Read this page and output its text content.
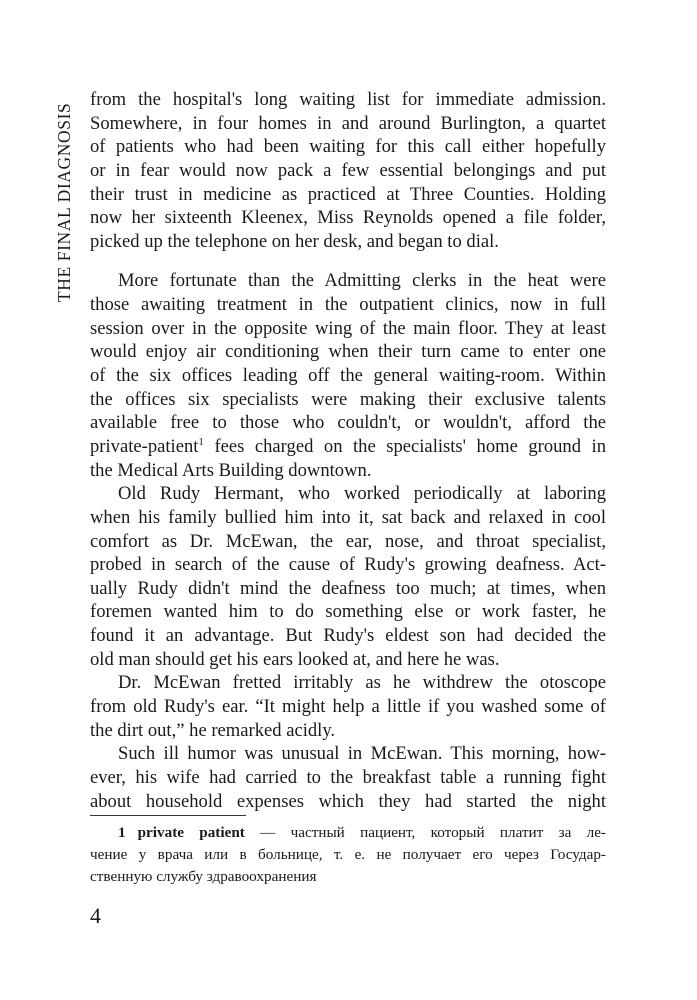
THE FINAL DIAGNOSIS
from the hospital's long waiting list for immediate admission.
Somewhere, in four homes in and around Burlington, a quartet
of patients who had been waiting for this call either hopefully
or in fear would now pack a few essential belongings and put
their trust in medicine as practiced at Three Counties. Holding
now her sixteenth Kleenex, Miss Reynolds opened a file folder,
picked up the telephone on her desk, and began to dial.
More fortunate than the Admitting clerks in the heat were
those awaiting treatment in the outpatient clinics, now in full
session over in the opposite wing of the main floor. They at least
would enjoy air conditioning when their turn came to enter one
of the six offices leading off the general waiting-room. Within
the offices six specialists were making their exclusive talents
available free to those who couldn't, or wouldn't, afford the
private-patient$^1$ fees charged on the specialists' home ground in
the Medical Arts Building downtown.
Old Rudy Hermant, who worked periodically at laboring
when his family bullied him into it, sat back and relaxed in cool
comfort as Dr. McEwan, the ear, nose, and throat specialist,
probed in search of the cause of Rudy's growing deafness. Act-
ually Rudy didn't mind the deafness too much; at times, when
foremen wanted him to do something else or work faster, he
found it an advantage. But Rudy's eldest son had decided the
old man should get his ears looked at, and here he was.
Dr. McEwan fretted irritably as he withdrew the otoscope
from old Rudy's ear. “It might help a little if you washed some of
the dirt out,” he remarked acidly.
Such ill humor was unusual in McEwan. This morning, how-
ever, his wife had carried to the breakfast table a running fight
about household expenses which they had started the night
1 private patient — частный пациент, который платит за ле-
чение у врача или в больнице, т. е. не получает его через Государ-
ственную службу здравоохранения
4
